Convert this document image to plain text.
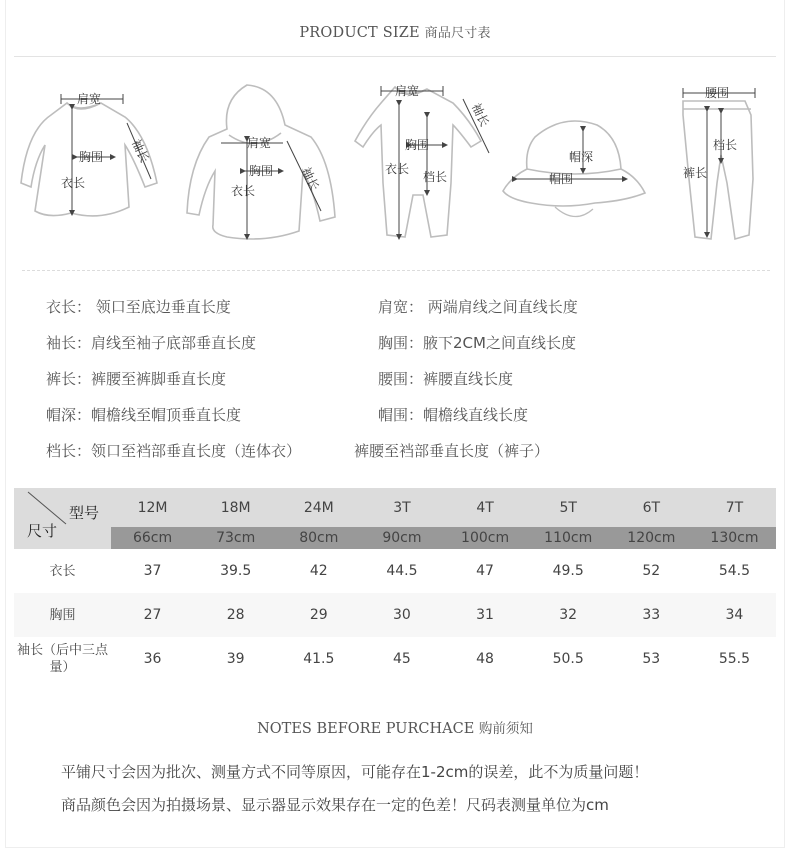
PRODUCT SIZE 商品尺寸表
肩宽
胸围
衣长
袖长	肩宽
胸围
衣长	袖长
肩宽
胸围
衣长
档长
袖长
帽深
帽围
腰围
档长
裤长
衣长： 领口至底边垂直长度
袖长：肩线至袖子底部垂直长度
裤长：裤腰至裤脚垂直长度
帽深：帽檐线至帽顶垂直长度
档长：领口至裆部垂直长度（连体衣）
肩宽： 两端肩线之间直线长度
胸围：腋下2CM之间直线长度
腰围：裤腰直线长度
帽围：帽檐线直线长度
裤腰至裆部垂直长度（裤子）
型号
尺寸	12M	18M	24M	3T	4T	5T	6T	7T
	66cm	73cm	80cm	90cm	100cm	110cm	120cm	130cm
衣长	37	39.5	42	44.5	47	49.5	52	54.5
胸围	27	28	29	30	31	32	33	34
袖长（后中三点量）	36	39	41.5	45	48	50.5	53	55.5
NOTES BEFORE PURCHACE 购前须知
平铺尺寸会因为批次、测量方式不同等原因，可能存在1-2cm的误差，此不为质量问题！
商品颜色会因为拍摄场景、显示器显示效果存在一定的色差！尺码表测量单位为cm
